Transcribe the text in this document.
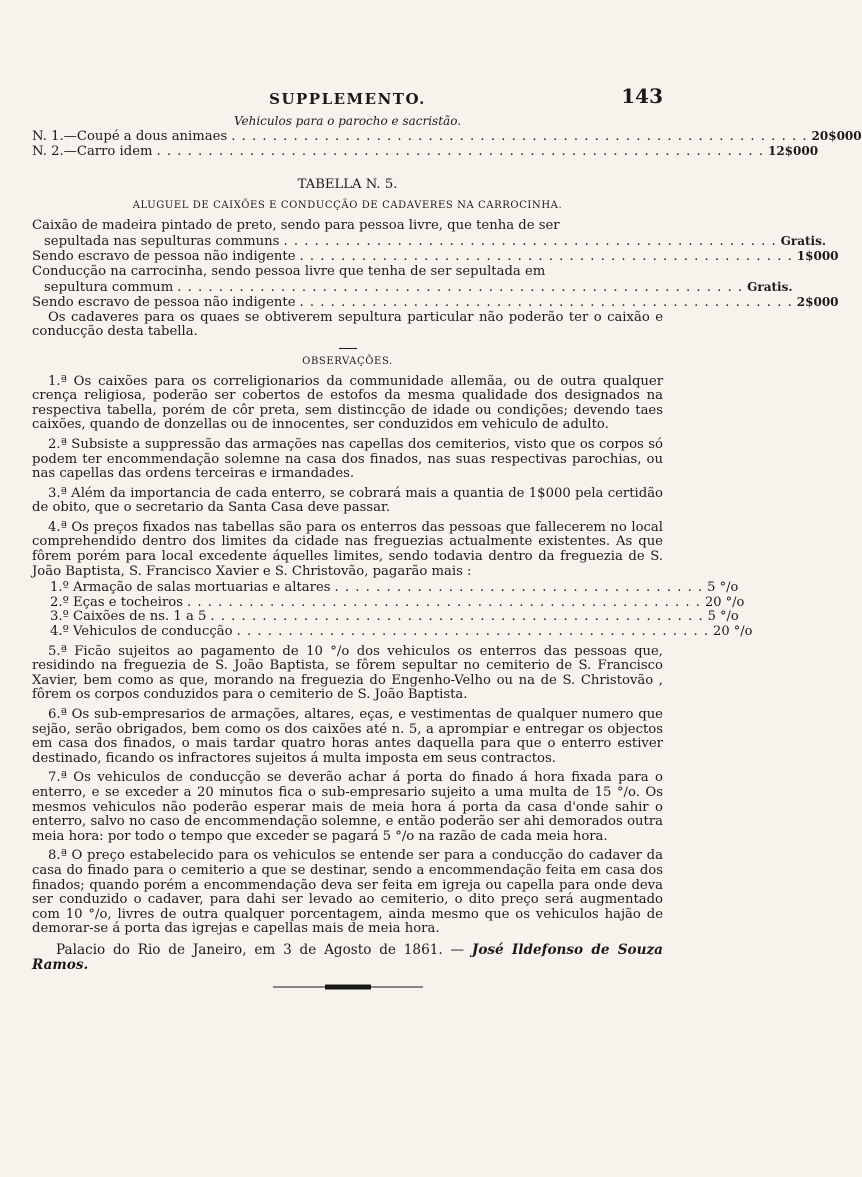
SUPPLEMENTO.	143

Vehiculos para o parocho e sacristão.

N. 1.—Coupé a dous animaes . . . . . . . . . . . . . . . . . . . . . . . . . . . . . . . . . . . . . . . . . . . . . . . . . . . . . . . . 20$000
N. 2.—Carro idem . . . . . . . . . . . . . . . . . . . . . . . . . . . . . . . . . . . . . . . . . . . . . . . . . . . . . . . . . . . 12$000

TABELLA N. 5.

ALUGUEL DE CAIXÕES E CONDUCÇÃO DE CADAVERES NA CARROCINHA.

Caixão de madeira pintado de preto, sendo para pessoa livre, que tenha de ser
sepultada nas sepulturas communs . . . . . . . . . . . . . . . . . . . . . . . . . . . . . . . . . . . . . . . . . . . . . . . . Gratis.
Sendo escravo de pessoa não indigente . . . . . . . . . . . . . . . . . . . . . . . . . . . . . . . . . . . . . . . . . . . . . . . . 1$000
Conducção na carrocinha, sendo pessoa livre que tenha de ser sepultada em
sepultura commum . . . . . . . . . . . . . . . . . . . . . . . . . . . . . . . . . . . . . . . . . . . . . . . . . . . . . . . Gratis.
Sendo escravo de pessoa não indigente . . . . . . . . . . . . . . . . . . . . . . . . . . . . . . . . . . . . . . . . . . . . . . . . 2$000

Os cadaveres para os quaes se obtiverem sepultura particular não poderão ter o caixão e conducção desta tabella.

OBSERVAÇÕES.

1.ª Os caixões para os correligionarios da communidade allemãa, ou de outra qualquer crença religiosa, poderão ser cobertos de estofos da mesma qualidade dos designados na respectiva tabella, porém de côr preta, sem distincção de idade ou condições; devendo taes caixões, quando de donzellas ou de innocentes, ser conduzidos em vehiculo de adulto.

2.ª Subsiste a suppressão das armações nas capellas dos cemiterios, visto que os corpos só podem ter encommendação solemne na casa dos finados, nas suas respectivas parochias, ou nas capellas das ordens terceiras e irmandades.

3.ª Além da importancia de cada enterro, se cobrará mais a quantia de 1$000 pela certidão de obito, que o secretario da Santa Casa deve passar.

4.ª Os preços fixados nas tabellas são para os enterros das pessoas que fallecerem no local comprehendido dentro dos limites da cidade nas freguezias actualmente existentes. As que fôrem porém para local excedente áquelles limites, sendo todavia dentro da freguezia de S. João Baptista, S. Francisco Xavier e S. Christovão, pagarão mais :

1.º Armação de salas mortuarias e altares . . . . . . . . . . . . . . . . . . . . . . . . . . . . . . . . . . . . 5 °/o
2.º Eças e tocheiros . . . . . . . . . . . . . . . . . . . . . . . . . . . . . . . . . . . . . . . . . . . . . . . . . . 20 °/o
3.º Caixões de ns. 1 a 5 . . . . . . . . . . . . . . . . . . . . . . . . . . . . . . . . . . . . . . . . . . . . . . . . 5 °/o
4.º Vehiculos de conducção . . . . . . . . . . . . . . . . . . . . . . . . . . . . . . . . . . . . . . . . . . . . . . 20 °/o

5.ª Ficão sujeitos ao pagamento de 10 °/o dos vehiculos os enterros das pessoas que, residindo na freguezia de S. João Baptista, se fôrem sepultar no cemiterio de S. Francisco Xavier, bem como as que, morando na freguezia do Engenho-Velho ou na de S. Christovão , fôrem os corpos conduzidos para o cemiterio de S. João Baptista.

6.ª Os sub-empresarios de armações, altares, eças, e vestimentas de qualquer numero que sejão, serão obrigados, bem como os dos caixões até n. 5, a aprompiar e entregar os objectos em casa dos finados, o mais tardar quatro horas antes daquella para que o enterro estiver destinado, ficando os infractores sujeitos á multa imposta em seus contractos.

7.ª Os vehiculos de conducção se deverão achar á porta do finado á hora fixada para o enterro, e se exceder a 20 minutos fica o sub-empresario sujeito a uma multa de 15 °/o. Os mesmos vehiculos não poderão esperar mais de meia hora á porta da casa d'onde sahir o enterro, salvo no caso de encommendação solemne, e então poderão ser ahi demorados outra meia hora: por todo o tempo que exceder se pagará 5 °/o na razão de cada meia hora.

8.ª O preço estabelecido para os vehiculos se entende ser para a conducção do cadaver da casa do finado para o cemiterio a que se destinar, sendo a encommendação feita em casa dos finados; quando porém a encommendação deva ser feita em igreja ou capella para onde deva ser conduzido o cadaver, para dahi ser levado ao cemiterio, o dito preço será augmentado com 10 °/o, livres de outra qualquer porcentagem, ainda mesmo que os vehiculos hajão de demorar-se á porta das igrejas e capellas mais de meia hora.

Palacio do Rio de Janeiro, em 3 de Agosto de 1861. — José Ildefonso de Souza Ramos.
